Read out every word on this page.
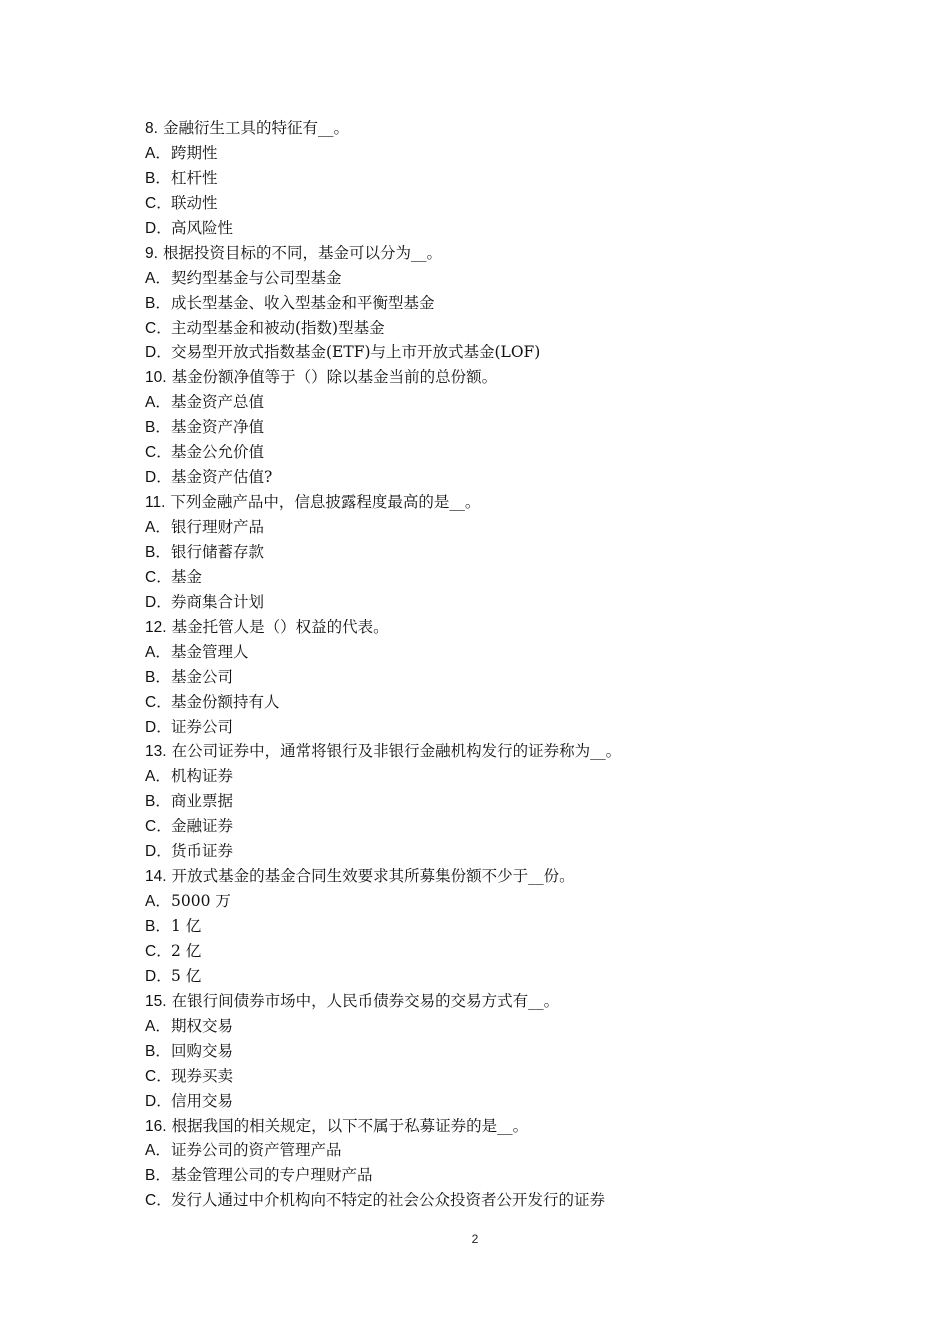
8. 金融衍生工具的特征有__。
A．跨期性
B．杠杆性
C．联动性
D．高风险性
9. 根据投资目标的不同，基金可以分为__。
A．契约型基金与公司型基金
B．成长型基金、收入型基金和平衡型基金
C．主动型基金和被动(指数)型基金
D．交易型开放式指数基金(ETF)与上市开放式基金(LOF)
10. 基金份额净值等于（）除以基金当前的总份额。
A．基金资产总值
B．基金资产净值
C．基金公允价值
D．基金资产估值?
11. 下列金融产品中，信息披露程度最高的是__。
A．银行理财产品
B．银行储蓄存款
C．基金
D．券商集合计划
12. 基金托管人是（）权益的代表。
A．基金管理人
B．基金公司
C．基金份额持有人
D．证券公司
13. 在公司证券中，通常将银行及非银行金融机构发行的证券称为__。
A．机构证券
B．商业票据
C．金融证券
D．货币证券
14. 开放式基金的基金合同生效要求其所募集份额不少于__份。
A．5000 万
B．1 亿
C．2 亿
D．5 亿
15. 在银行间债券市场中，人民币债券交易的交易方式有__。
A．期权交易
B．回购交易
C．现券买卖
D．信用交易
16. 根据我国的相关规定，以下不属于私募证券的是__。
A．证券公司的资产管理产品
B．基金管理公司的专户理财产品
C．发行人通过中介机构向不特定的社会公众投资者公开发行的证券
2
